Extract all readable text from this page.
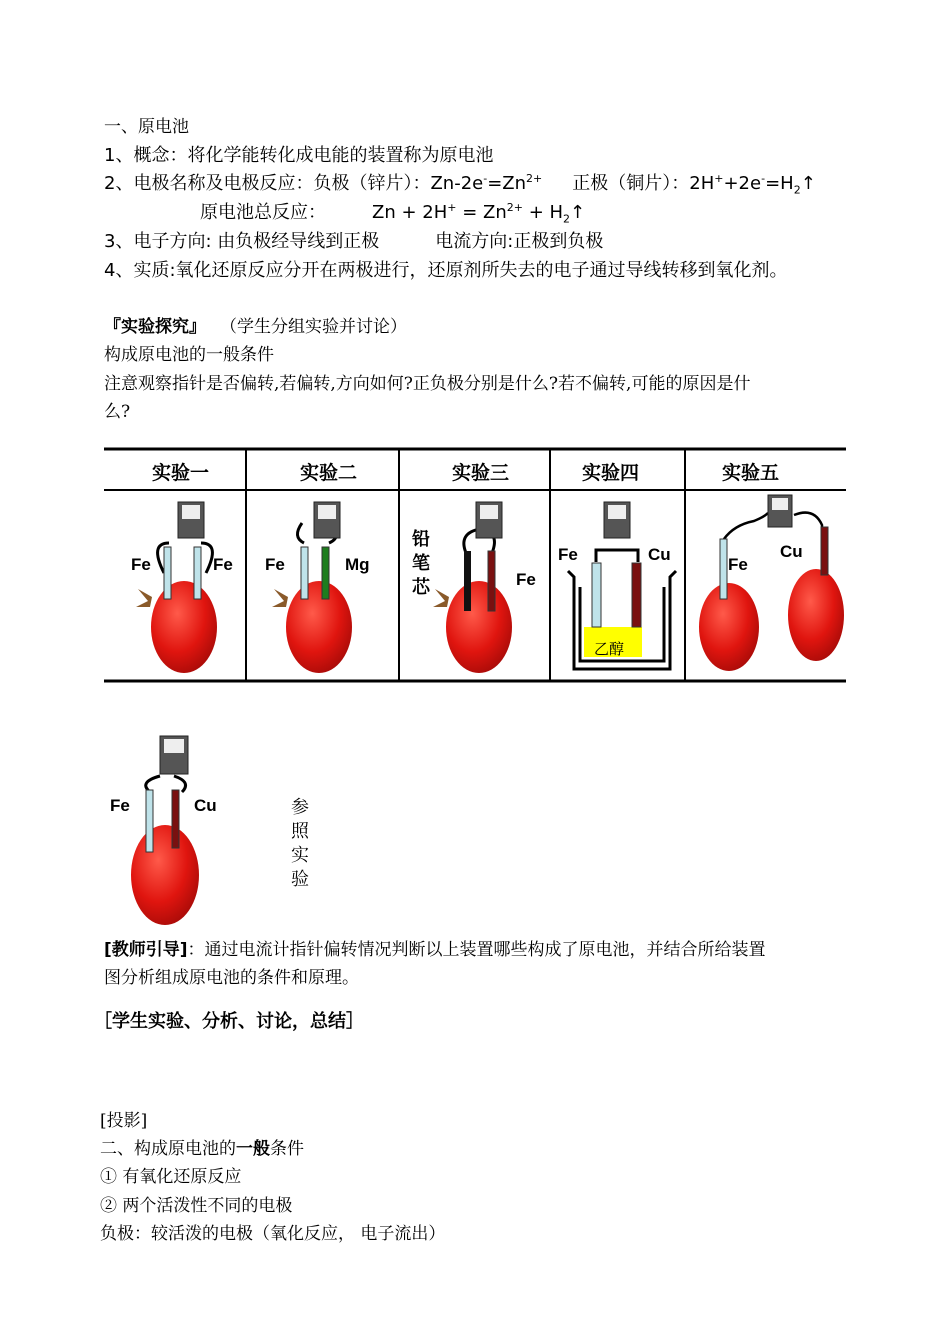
一、原电池
1、概念：将化学能转化成电能的装置称为原电池
2、电极名称及电极反应：负极（锌片）：$Zn-2e^-=Zn^{2+}$ 正极（铜片）：$2H^++2e^-=H_2↑$
原电池总反应：	$Zn + 2H^+ = Zn^{2+}$ + $H_2↑$
3、电子方向: 由负极经导线到正极	电流方向:正极到负极
4、实质:氧化还原反应分开在两极进行，还原剂所失去的电子通过导线转移到氧化剂。
『实验探究』 （学生分组实验并讨论）
构成原电池的一般条件
注意观察指针是否偏转,若偏转,方向如何?正负极分别是什么?若不偏转,可能的原因是什
么?
实验一	实验二	实验三	实验四	实验五
Fe	Fe Fe	Mg
铅
笔
芯	Fe
Fe	Cu
乙醇
Fe
Cu
Fe	Cu	参
照
实
验
[教师引导]：通过电流计指针偏转情况判断以上装置哪些构成了原电池，并结合所给装置
图分析组成原电池的条件和原理。
［学生实验、分析、讨论，总结］
[投影]
二、构成原电池的一般条件
① 有氧化还原反应
② 两个活泼性不同的电极
负极：较活泼的电极（氧化反应， 电子流出）
